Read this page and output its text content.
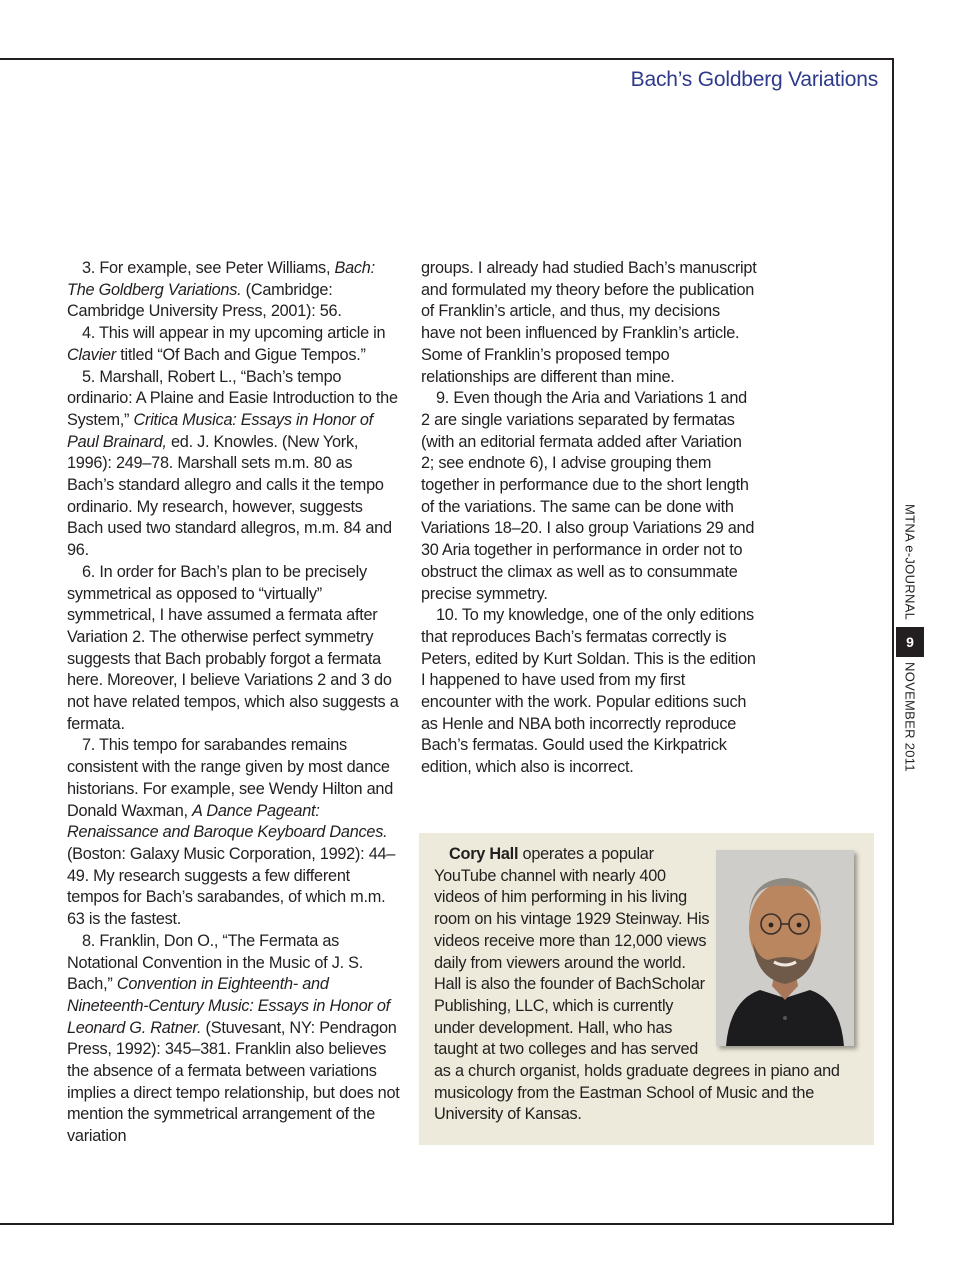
Bach’s Goldberg Variations

3. For example, see Peter Williams, Bach: The Goldberg Variations. (Cambridge: Cambridge University Press, 2001): 56.

4. This will appear in my upcoming article in Clavier titled “Of Bach and Gigue Tempos.”

5. Marshall, Robert L., “Bach’s tempo ordinario: A Plaine and Easie Introduction to the System,” Critica Musica: Essays in Honor of Paul Brainard, ed. J. Knowles. (New York, 1996): 249–78. Marshall sets m.m. 80 as Bach’s standard allegro and calls it the tempo ordinario. My research, however, suggests Bach used two standard allegros, m.m. 84 and 96.

6. In order for Bach’s plan to be precisely symmetrical as opposed to “virtually” symmetrical, I have assumed a fermata after Variation 2. The otherwise perfect symmetry suggests that Bach probably forgot a fermata here. Moreover, I believe Variations 2 and 3 do not have related tempos, which also suggests a fermata.

7. This tempo for sarabandes remains consistent with the range given by most dance historians. For example, see Wendy Hilton and Donald Waxman, A Dance Pageant: Renaissance and Baroque Keyboard Dances. (Boston: Galaxy Music Corporation, 1992): 44–49. My research suggests a few different tempos for Bach’s sarabandes, of which m.m. 63 is the fastest.

8. Franklin, Don O., “The Fermata as Notational Convention in the Music of J. S. Bach,” Convention in Eighteenth- and Nineteenth-Century Music: Essays in Honor of Leonard G. Ratner. (Stuvesant, NY: Pendragon Press, 1992): 345–381. Franklin also believes the absence of a fermata between variations implies a direct tempo relationship, but does not mention the symmetrical arrangement of the variation

groups. I already had studied Bach’s manuscript and formulated my theory before the publication of Franklin’s article, and thus, my decisions have not been influenced by Franklin’s article. Some of Franklin’s proposed tempo relationships are different than mine.

9. Even though the Aria and Variations 1 and 2 are single variations separated by fermatas (with an editorial fermata added after Variation 2; see endnote 6), I advise grouping them together in performance due to the short length of the variations. The same can be done with Variations 18–20. I also group Variations 29 and 30 Aria together in performance in order not to obstruct the climax as well as to consummate precise symmetry.

10. To my knowledge, one of the only editions that reproduces Bach’s fermatas correctly is Peters, edited by Kurt Soldan. This is the edition I happened to have used from my first encounter with the work. Popular editions such as Henle and NBA both incorrectly reproduce Bach’s fermatas. Gould used the Kirkpatrick edition, which also is incorrect.

MTNA e-JOURNAL
9
NOVEMBER 2011

Cory Hall operates a popular YouTube channel with nearly 400 videos of him performing in his living room on his vintage 1929 Steinway. His videos receive more than 12,000 views daily from viewers around the world. Hall is also the founder of BachScholar Publishing, LLC, which is currently under development. Hall, who has taught at two colleges and has served as a church organist, holds graduate degrees in piano and musicology from the Eastman School of Music and the University of Kansas.
